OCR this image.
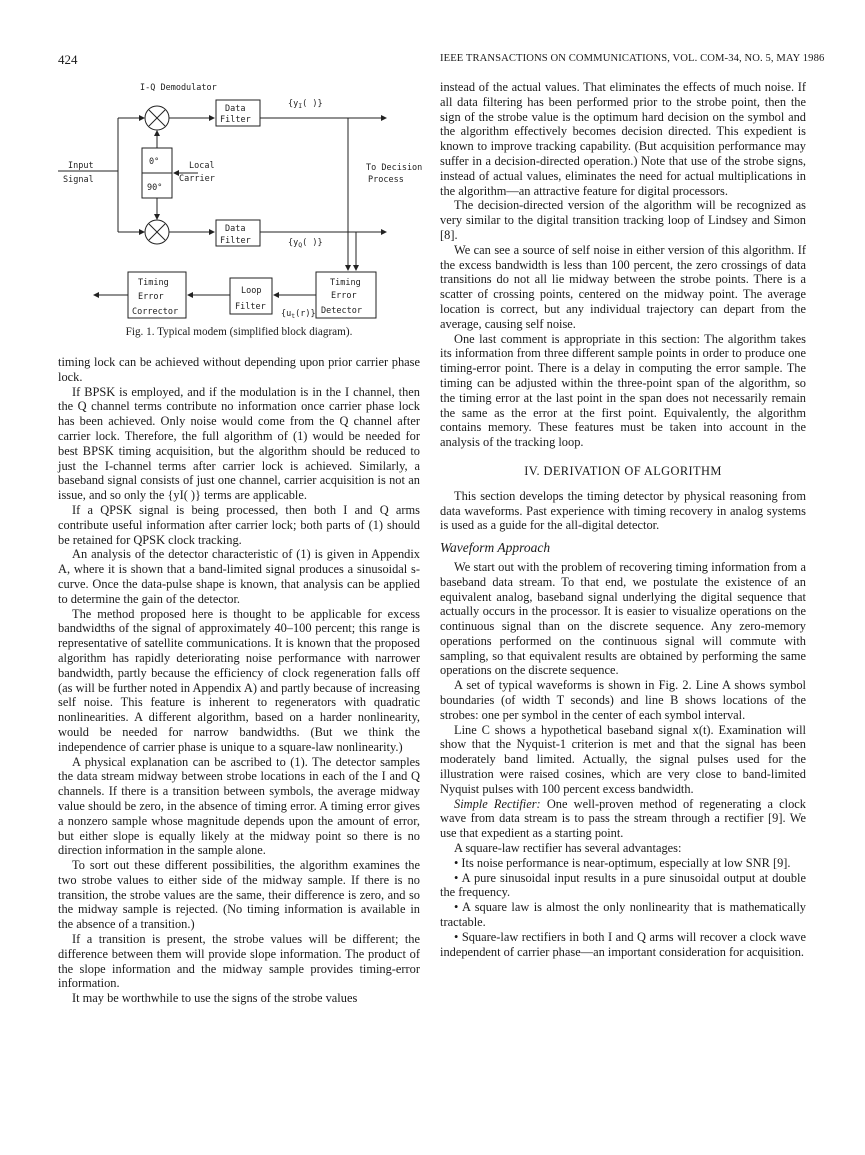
424	IEEE TRANSACTIONS ON COMMUNICATIONS, VOL. COM-34, NO. 5, MAY 1986
I-Q Demodulator
Input
Signal
0°
90°
Local
Carrier
Data
Filter
{$y_I$( )}
Data
Filter	{$y_Q$( )}
To Decision
Process
Timing
Error
Detector
Loop
Filter
$\{u_t(r)\}$
Timing
Error
Corrector
Fig. 1. Typical modem (simplified block diagram).

timing lock can be achieved without depending upon prior carrier phase lock.

If BPSK is employed, and if the modulation is in the I channel, then the Q channel terms contribute no information once carrier phase lock has been achieved. Only noise would come from the Q channel after carrier lock. Therefore, the full algorithm of (1) would be needed for best BPSK timing acquisition, but the algorithm should be reduced to just the I-channel terms after carrier lock is achieved. Similarly, a baseband signal consists of just one channel, carrier acquisition is not an issue, and so only the {yI( )} terms are applicable.

If a QPSK signal is being processed, then both I and Q arms contribute useful information after carrier lock; both parts of (1) should be retained for QPSK clock tracking.

An analysis of the detector characteristic of (1) is given in Appendix A, where it is shown that a band-limited signal produces a sinusoidal s-curve. Once the data-pulse shape is known, that analysis can be applied to determine the gain of the detector.

The method proposed here is thought to be applicable for excess bandwidths of the signal of approximately 40–100 percent; this range is representative of satellite communications. It is known that the proposed algorithm has rapidly deteriorating noise performance with narrower bandwidth, partly because the efficiency of clock regeneration falls off (as will be further noted in Appendix A) and partly because of increasing self noise. This feature is inherent to regenerators with quadratic nonlinearities. A different algorithm, based on a harder nonlinearity, would be needed for narrow bandwidths. (But we think the independence of carrier phase is unique to a square-law nonlinearity.)

A physical explanation can be ascribed to (1). The detector samples the data stream midway between strobe locations in each of the I and Q channels. If there is a transition between symbols, the average midway value should be zero, in the absence of timing error. A timing error gives a nonzero sample whose magnitude depends upon the amount of error, but either slope is equally likely at the midway point so there is no direction information in the sample alone.

To sort out these different possibilities, the algorithm examines the two strobe values to either side of the midway sample. If there is no transition, the strobe values are the same, their difference is zero, and so the midway sample is rejected. (No timing information is available in the absence of a transition.)

If a transition is present, the strobe values will be different; the difference between them will provide slope information. The product of the slope information and the midway sample provides timing-error information.

It may be worthwhile to use the signs of the strobe values

instead of the actual values. That eliminates the effects of much noise. If all data filtering has been performed prior to the strobe point, then the sign of the strobe value is the optimum hard decision on the symbol and the algorithm effectively becomes decision directed. This expedient is known to improve tracking capability. (But acquisition performance may suffer in a decision-directed operation.) Note that use of the strobe signs, instead of actual values, eliminates the need for actual multiplications in the algorithm—an attractive feature for digital processors.

The decision-directed version of the algorithm will be recognized as very similar to the digital transition tracking loop of Lindsey and Simon [8].

We can see a source of self noise in either version of this algorithm. If the excess bandwidth is less than 100 percent, the zero crossings of data transitions do not all lie midway between the strobe points. There is a scatter of crossing points, centered on the midway point. The average location is correct, but any individual trajectory can depart from the average, causing self noise.

One last comment is appropriate in this section: The algorithm takes its information from three different sample points in order to produce one timing-error point. There is a delay in computing the error sample. The timing can be adjusted within the three-point span of the algorithm, so the timing error at the last point in the span does not necessarily remain the same as the error at the first point. Equivalently, the algorithm contains memory. These features must be taken into account in the analysis of the tracking loop.

IV. DERIVATION OF ALGORITHM

This section develops the timing detector by physical reasoning from data waveforms. Past experience with timing recovery in analog systems is used as a guide for the all-digital detector.

Waveform Approach

We start out with the problem of recovering timing information from a baseband data stream. To that end, we postulate the existence of an equivalent analog, baseband signal underlying the digital sequence that actually occurs in the processor. It is easier to visualize operations on the continuous signal than on the discrete sequence. Any zero-memory operations performed on the continuous signal will commute with sampling, so that equivalent results are obtained by performing the same operations on the discrete sequence.

A set of typical waveforms is shown in Fig. 2. Line A shows symbol boundaries (of width T seconds) and line B shows locations of the strobes: one per symbol in the center of each symbol interval.

Line C shows a hypothetical baseband signal x(t). Examination will show that the Nyquist-1 criterion is met and that the signal has been moderately band limited. Actually, the signal pulses used for the illustration were raised cosines, which are very close to band-limited Nyquist pulses with 100 percent excess bandwidth.

Simple Rectifier: One well-proven method of regenerating a clock wave from data stream is to pass the stream through a rectifier [9]. We use that expedient as a starting point.

A square-law rectifier has several advantages:

• Its noise performance is near-optimum, especially at low SNR [9].

• A pure sinusoidal input results in a pure sinusoidal output at double the frequency.

• A square law is almost the only nonlinearity that is mathematically tractable.

• Square-law rectifiers in both I and Q arms will recover a clock wave independent of carrier phase—an important consideration for acquisition.
